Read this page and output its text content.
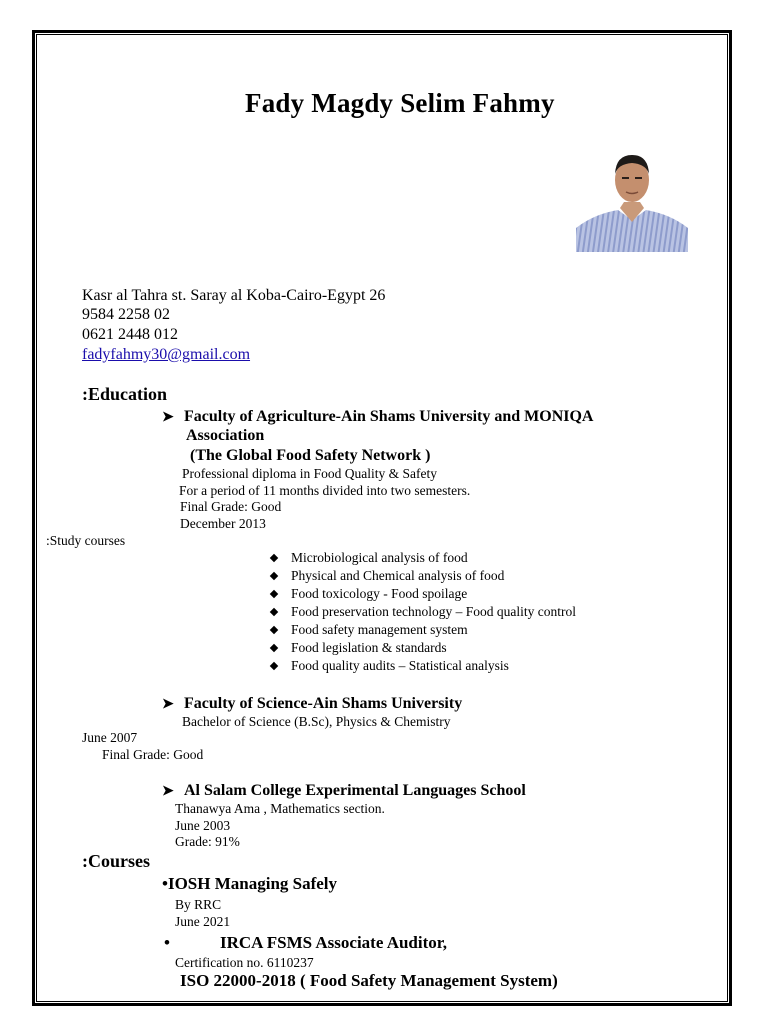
Fady Magdy Selim Fahmy
Kasr al Tahra st. Saray al Koba-Cairo-Egypt 26
9584 2258 02
0621 2448 012
fadyfahmy30@gmail.com
:Education
➤ Faculty of Agriculture-Ain Shams University and MONIQA
Association
(The Global Food Safety Network )
Professional diploma in Food Quality & Safety
For a period of 11 months divided into two semesters.
Final Grade: Good
December 2013
:Study courses
Microbiological analysis of food
Physical and Chemical analysis of food
Food toxicology - Food spoilage
Food preservation technology – Food quality control
Food safety management system
Food legislation & standards
Food quality audits – Statistical analysis
➤ Faculty of Science-Ain Shams University
Bachelor of Science (B.Sc), Physics & Chemistry
June 2007
Final Grade: Good
➤ Al Salam College Experimental Languages School
Thanawya Ama , Mathematics section.
June 2003
Grade: 91%
:Courses
•IOSH Managing Safely
By RRC
June 2021
•	IRCA FSMS Associate Auditor,
Certification no. 6110237
ISO 22000-2018 ( Food Safety Management System)
